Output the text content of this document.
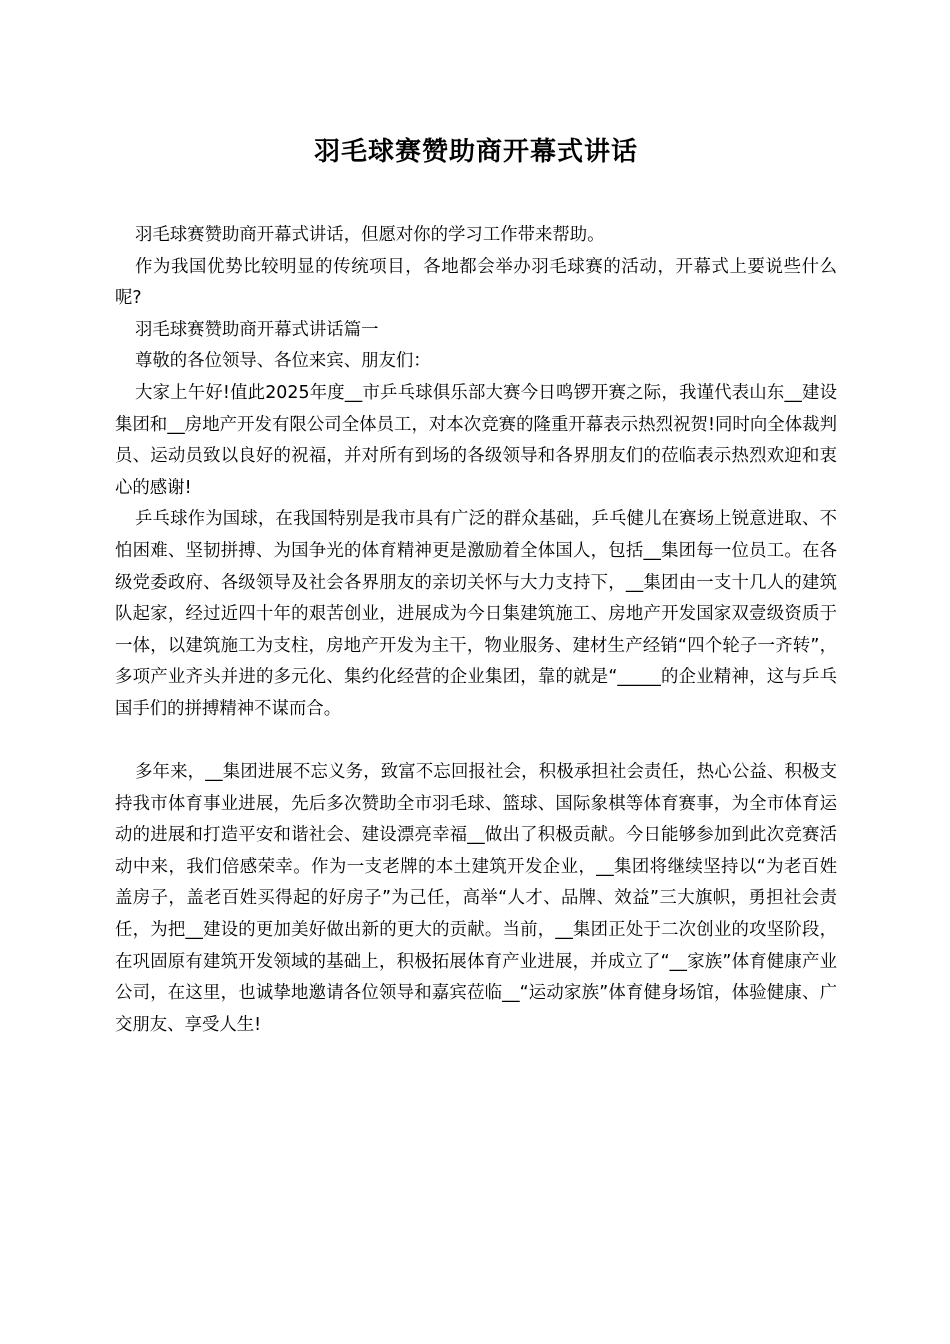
羽毛球赛赞助商开幕式讲话

羽毛球赛赞助商开幕式讲话，但愿对你的学习工作带来帮助。

作为我国优势比较明显的传统项目，各地都会举办羽毛球赛的活动，开幕式上要说些什么呢?

羽毛球赛赞助商开幕式讲话篇一

尊敬的各位领导、各位来宾、朋友们：

大家上午好!值此2025年度__市乒乓球俱乐部大赛今日鸣锣开赛之际，我谨代表山东__建设集团和__房地产开发有限公司全体员工，对本次竞赛的隆重开幕表示热烈祝贺!同时向全体裁判员、运动员致以良好的祝福，并对所有到场的各级领导和各界朋友们的莅临表示热烈欢迎和衷心的感谢!

乒乓球作为国球，在我国特别是我市具有广泛的群众基础，乒乓健儿在赛场上锐意进取、不怕困难、坚韧拼搏、为国争光的体育精神更是激励着全体国人，包括__集团每一位员工。在各级党委政府、各级领导及社会各界朋友的亲切关怀与大力支持下，__集团由一支十几人的建筑队起家，经过近四十年的艰苦创业，进展成为今日集建筑施工、房地产开发国家双壹级资质于一体，以建筑施工为支柱，房地产开发为主干，物业服务、建材生产经销“四个轮子一齐转”，多项产业齐头并进的多元化、集约化经营的企业集团，靠的就是“_____的企业精神，这与乒乓国手们的拼搏精神不谋而合。

多年来，__集团进展不忘义务，致富不忘回报社会，积极承担社会责任，热心公益、积极支持我市体育事业进展，先后多次赞助全市羽毛球、篮球、国际象棋等体育赛事，为全市体育运动的进展和打造平安和谐社会、建设漂亮幸福__做出了积极贡献。今日能够参加到此次竞赛活动中来，我们倍感荣幸。作为一支老牌的本土建筑开发企业，__集团将继续坚持以“为老百姓盖房子，盖老百姓买得起的好房子”为己任，高举“人才、品牌、效益”三大旗帜，勇担社会责任，为把__建设的更加美好做出新的更大的贡献。当前，__集团正处于二次创业的攻坚阶段，在巩固原有建筑开发领域的基础上，积极拓展体育产业进展，并成立了“__家族”体育健康产业公司，在这里，也诚挚地邀请各位领导和嘉宾莅临__“运动家族”体育健身场馆，体验健康、广交朋友、享受人生!
